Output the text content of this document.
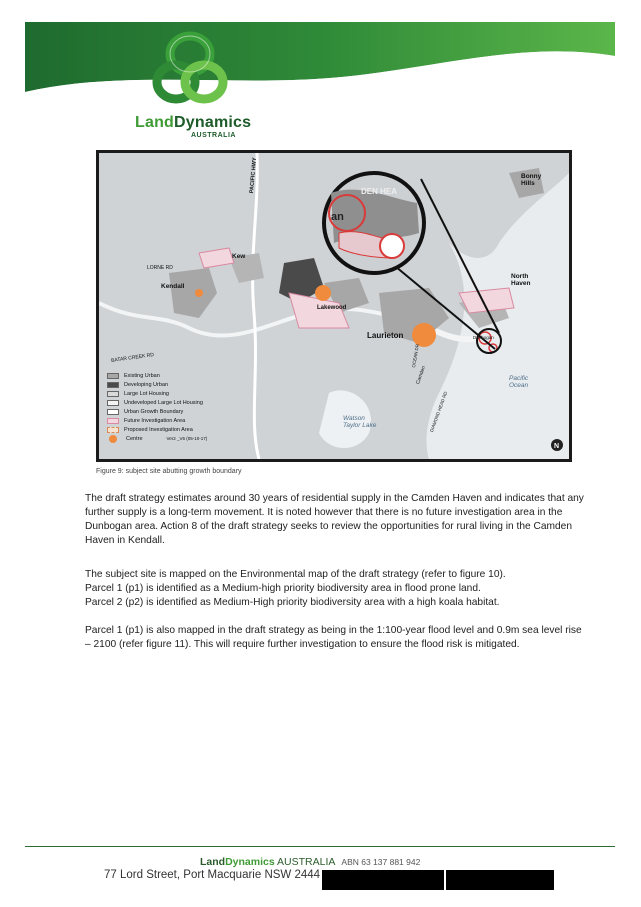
LandDynamics
AUSTRALIA
N
PACIFIC HWY
Kew
Kendall
LORNE RD
Lakewood
Laurieton
Bonny Hills
North Haven
Pacific Ocean
BATAR CREEK RD
Watson Taylor Lake
Dunbogan
an
DEN HEA
Camden
DIAMOND HEAD RD
OCEAN DR
Existing Urban
Developing Urban
Large Lot Housing
Undeveloped Large Lot Housing
Urban Growth Boundary
Future Investigation Area
Proposed Investigation Area
Centre	Ver2 _V6 (05-10-17)
Figure 9: subject site abutting growth boundary
The draft strategy estimates around 30 years of residential supply in the Camden Haven and indicates that any further supply is a long-term movement. It is noted however that there is no future investigation area in the Dunbogan area. Action 8 of the draft strategy seeks to review the opportunities for rural living in the Camden Haven in Kendall.
The subject site is mapped on the Environmental map of the draft strategy (refer to figure 10).
Parcel 1 (p1) is identified as a Medium-high priority biodiversity area in flood prone land.
Parcel 2 (p2) is identified as Medium-High priority biodiversity area with a high koala habitat.
Parcel 1 (p1) is also mapped in the draft strategy as being in the 1:100-year flood level and 0.9m sea level rise – 2100 (refer figure 11). This will require further investigation to ensure the flood risk is mitigated.
LandDynamics AUSTRALIA ABN 63 137 881 942
77 Lord Street, Port Macquarie NSW 2444
